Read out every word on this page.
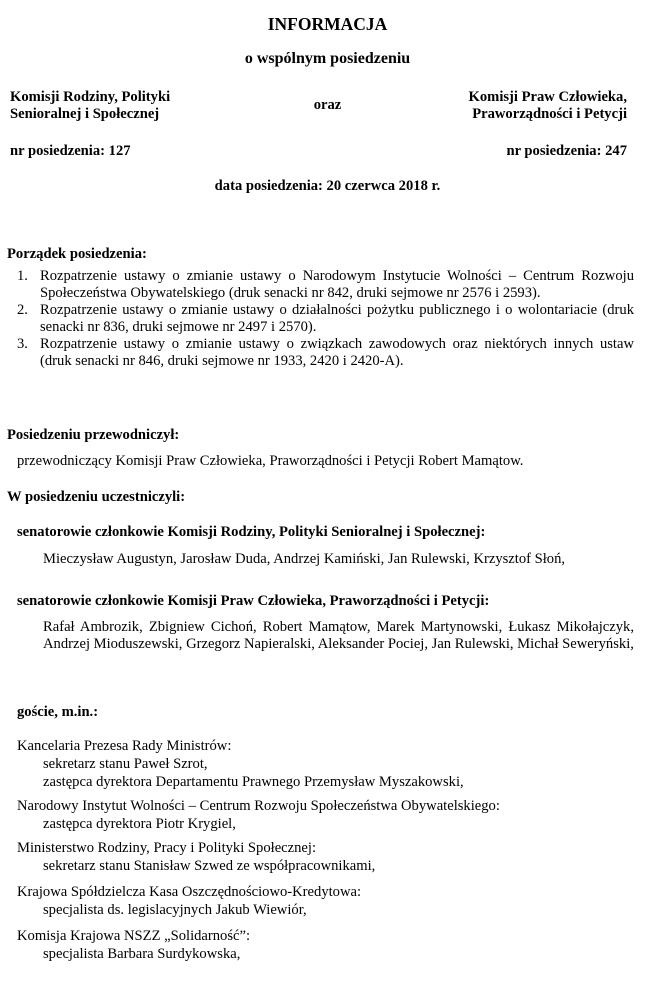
INFORMACJA
o wspólnym posiedzeniu
Komisji Rodziny, Polityki
Senioralnej i Społecznej
oraz	Komisji Praw Człowieka,
Praworządności i Petycji
nr posiedzenia: 127	nr posiedzenia: 247
data posiedzenia: 20 czerwca 2018 r.
Porządek posiedzenia:
1. Rozpatrzenie ustawy o zmianie ustawy o Narodowym Instytucie Wolności – Centrum Rozwoju Społeczeństwa Obywatelskiego (druk senacki nr 842, druki sejmowe nr 2576 i 2593).
2. Rozpatrzenie ustawy o zmianie ustawy o działalności pożytku publicznego i o wolontariacie (druk senacki nr 836, druki sejmowe nr 2497 i 2570).
3. Rozpatrzenie ustawy o zmianie ustawy o związkach zawodowych oraz niektórych innych ustaw (druk senacki nr 846, druki sejmowe nr 1933, 2420 i 2420-A).
Posiedzeniu przewodniczył:
przewodniczący Komisji Praw Człowieka, Praworządności i Petycji Robert Mamątow.
W posiedzeniu uczestniczyli:
senatorowie członkowie Komisji Rodziny, Polityki Senioralnej i Społecznej:
Mieczysław Augustyn, Jarosław Duda, Andrzej Kamiński, Jan Rulewski, Krzysztof Słoń,
senatorowie członkowie Komisji Praw Człowieka, Praworządności i Petycji:
Rafał Ambrozik, Zbigniew Cichoń, Robert Mamątow, Marek Martynowski, Łukasz Mikołajczyk, Andrzej Mioduszewski, Grzegorz Napieralski, Aleksander Pociej, Jan Rulewski, Michał Seweryński,
goście, m.in.:
Kancelaria Prezesa Rady Ministrów:
sekretarz stanu Paweł Szrot,
zastępca dyrektora Departamentu Prawnego Przemysław Myszakowski,
Narodowy Instytut Wolności – Centrum Rozwoju Społeczeństwa Obywatelskiego:
zastępca dyrektora Piotr Krygiel,
Ministerstwo Rodziny, Pracy i Polityki Społecznej:
sekretarz stanu Stanisław Szwed ze współpracownikami,
Krajowa Spółdzielcza Kasa Oszczędnościowo-Kredytowa:
specjalista ds. legislacyjnych Jakub Wiewiór,
Komisja Krajowa NSZZ „Solidarność”:
specjalista Barbara Surdykowska,
